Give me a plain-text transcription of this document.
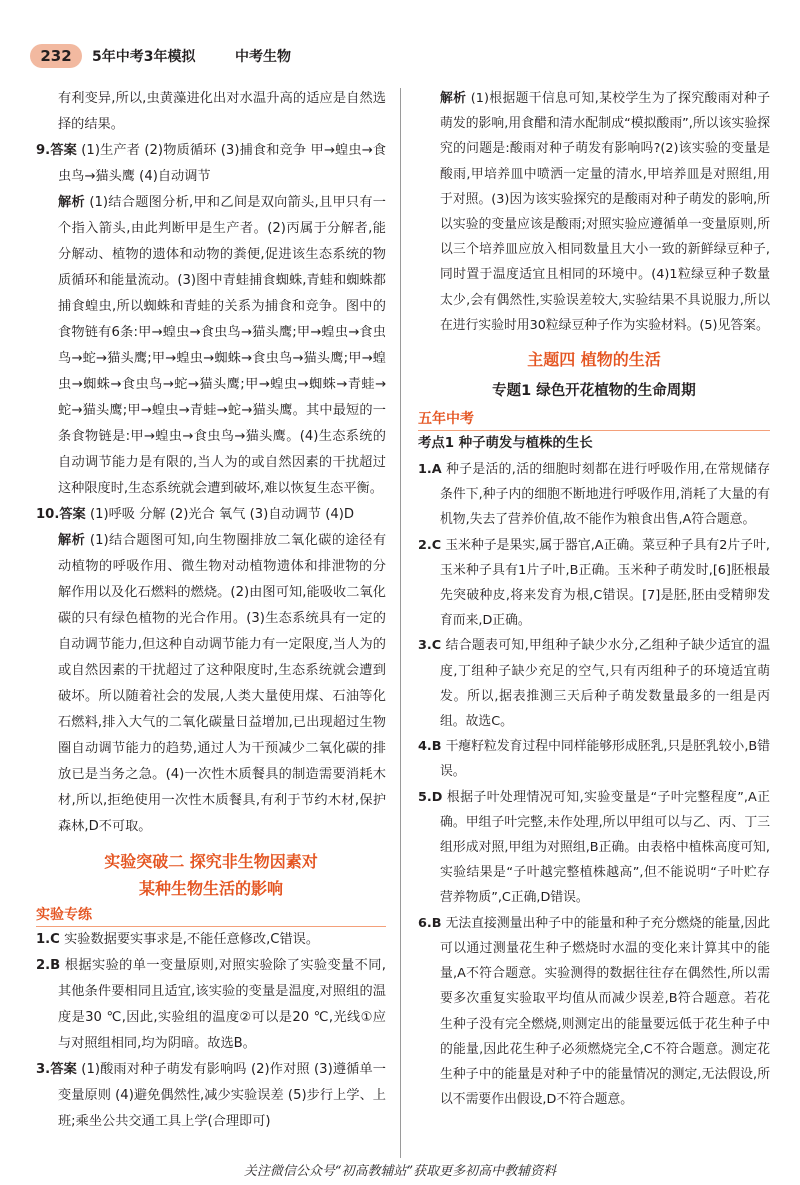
232	5年中考3年模拟	中考生物

有利变异,所以,虫黄藻进化出对水温升高的适应是自然选择的结果。

9.答案 (1)生产者 (2)物质循环 (3)捕食和竞争 甲→蝗虫→食虫鸟→猫头鹰 (4)自动调节

解析 (1)结合题图分析,甲和乙间是双向箭头,且甲只有一个指入箭头,由此判断甲是生产者。(2)丙属于分解者,能分解动、植物的遗体和动物的粪便,促进该生态系统的物质循环和能量流动。(3)图中青蛙捕食蜘蛛,青蛙和蜘蛛都捕食蝗虫,所以蜘蛛和青蛙的关系为捕食和竞争。图中的食物链有6条:甲→蝗虫→食虫鸟→猫头鹰;甲→蝗虫→食虫鸟→蛇→猫头鹰;甲→蝗虫→蜘蛛→食虫鸟→猫头鹰;甲→蝗虫→蜘蛛→食虫鸟→蛇→猫头鹰;甲→蝗虫→蜘蛛→青蛙→蛇→猫头鹰;甲→蝗虫→青蛙→蛇→猫头鹰。其中最短的一条食物链是:甲→蝗虫→食虫鸟→猫头鹰。(4)生态系统的自动调节能力是有限的,当人为的或自然因素的干扰超过这种限度时,生态系统就会遭到破坏,难以恢复生态平衡。

10.答案 (1)呼吸 分解 (2)光合 氧气 (3)自动调节 (4)D

解析 (1)结合题图可知,向生物圈排放二氧化碳的途径有动植物的呼吸作用、微生物对动植物遗体和排泄物的分解作用以及化石燃料的燃烧。(2)由图可知,能吸收二氧化碳的只有绿色植物的光合作用。(3)生态系统具有一定的自动调节能力,但这种自动调节能力有一定限度,当人为的或自然因素的干扰超过了这种限度时,生态系统就会遭到破坏。所以随着社会的发展,人类大量使用煤、石油等化石燃料,排入大气的二氧化碳量日益增加,已出现超过生物圈自动调节能力的趋势,通过人为干预减少二氧化碳的排放已是当务之急。(4)一次性木质餐具的制造需要消耗木材,所以,拒绝使用一次性木质餐具,有利于节约木材,保护森林,D不可取。

实验突破二 探究非生物因素对
某种生物生活的影响
实验专练

1.C 实验数据要实事求是,不能任意修改,C错误。

2.B 根据实验的单一变量原则,对照实验除了实验变量不同,其他条件要相同且适宜,该实验的变量是温度,对照组的温度是30 ℃,因此,实验组的温度②可以是20 ℃,光线①应与对照组相同,均为阴暗。故选B。

3.答案 (1)酸雨对种子萌发有影响吗 (2)作对照 (3)遵循单一变量原则 (4)避免偶然性,减少实验误差 (5)步行上学、上班;乘坐公共交通工具上学(合理即可)

解析 (1)根据题干信息可知,某校学生为了探究酸雨对种子萌发的影响,用食醋和清水配制成“模拟酸雨”,所以该实验探究的问题是:酸雨对种子萌发有影响吗?(2)该实验的变量是酸雨,甲培养皿中喷洒一定量的清水,甲培养皿是对照组,用于对照。(3)因为该实验探究的是酸雨对种子萌发的影响,所以实验的变量应该是酸雨;对照实验应遵循单一变量原则,所以三个培养皿应放入相同数量且大小一致的新鲜绿豆种子,同时置于温度适宜且相同的环境中。(4)1粒绿豆种子数量太少,会有偶然性,实验误差较大,实验结果不具说服力,所以在进行实验时用30粒绿豆种子作为实验材料。(5)见答案。

主题四 植物的生活
专题1 绿色开花植物的生命周期
五年中考
考点1 种子萌发与植株的生长

1.A 种子是活的,活的细胞时刻都在进行呼吸作用,在常规储存条件下,种子内的细胞不断地进行呼吸作用,消耗了大量的有机物,失去了营养价值,故不能作为粮食出售,A符合题意。

2.C 玉米种子是果实,属于器官,A正确。菜豆种子具有2片子叶,玉米种子具有1片子叶,B正确。玉米种子萌发时,[6]胚根最先突破种皮,将来发育为根,C错误。[7]是胚,胚由受精卵发育而来,D正确。

3.C 结合题表可知,甲组种子缺少水分,乙组种子缺少适宜的温度,丁组种子缺少充足的空气,只有丙组种子的环境适宜萌发。所以,据表推测三天后种子萌发数量最多的一组是丙组。故选C。

4.B 干瘪籽粒发育过程中同样能够形成胚乳,只是胚乳较小,B错误。

5.D 根据子叶处理情况可知,实验变量是“子叶完整程度”,A正确。甲组子叶完整,未作处理,所以甲组可以与乙、丙、丁三组形成对照,甲组为对照组,B正确。由表格中植株高度可知,实验结果是“子叶越完整植株越高”,但不能说明“子叶贮存营养物质”,C正确,D错误。

6.B 无法直接测量出种子中的能量和种子充分燃烧的能量,因此可以通过测量花生种子燃烧时水温的变化来计算其中的能量,A不符合题意。实验测得的数据往往存在偶然性,所以需要多次重复实验取平均值从而减少误差,B符合题意。若花生种子没有完全燃烧,则测定出的能量要远低于花生种子中的能量,因此花生种子必须燃烧完全,C不符合题意。测定花生种子中的能量是对种子中的能量情况的测定,无法假设,所以不需要作出假设,D不符合题意。

关注微信公众号“初高教辅站”获取更多初高中教辅资料
